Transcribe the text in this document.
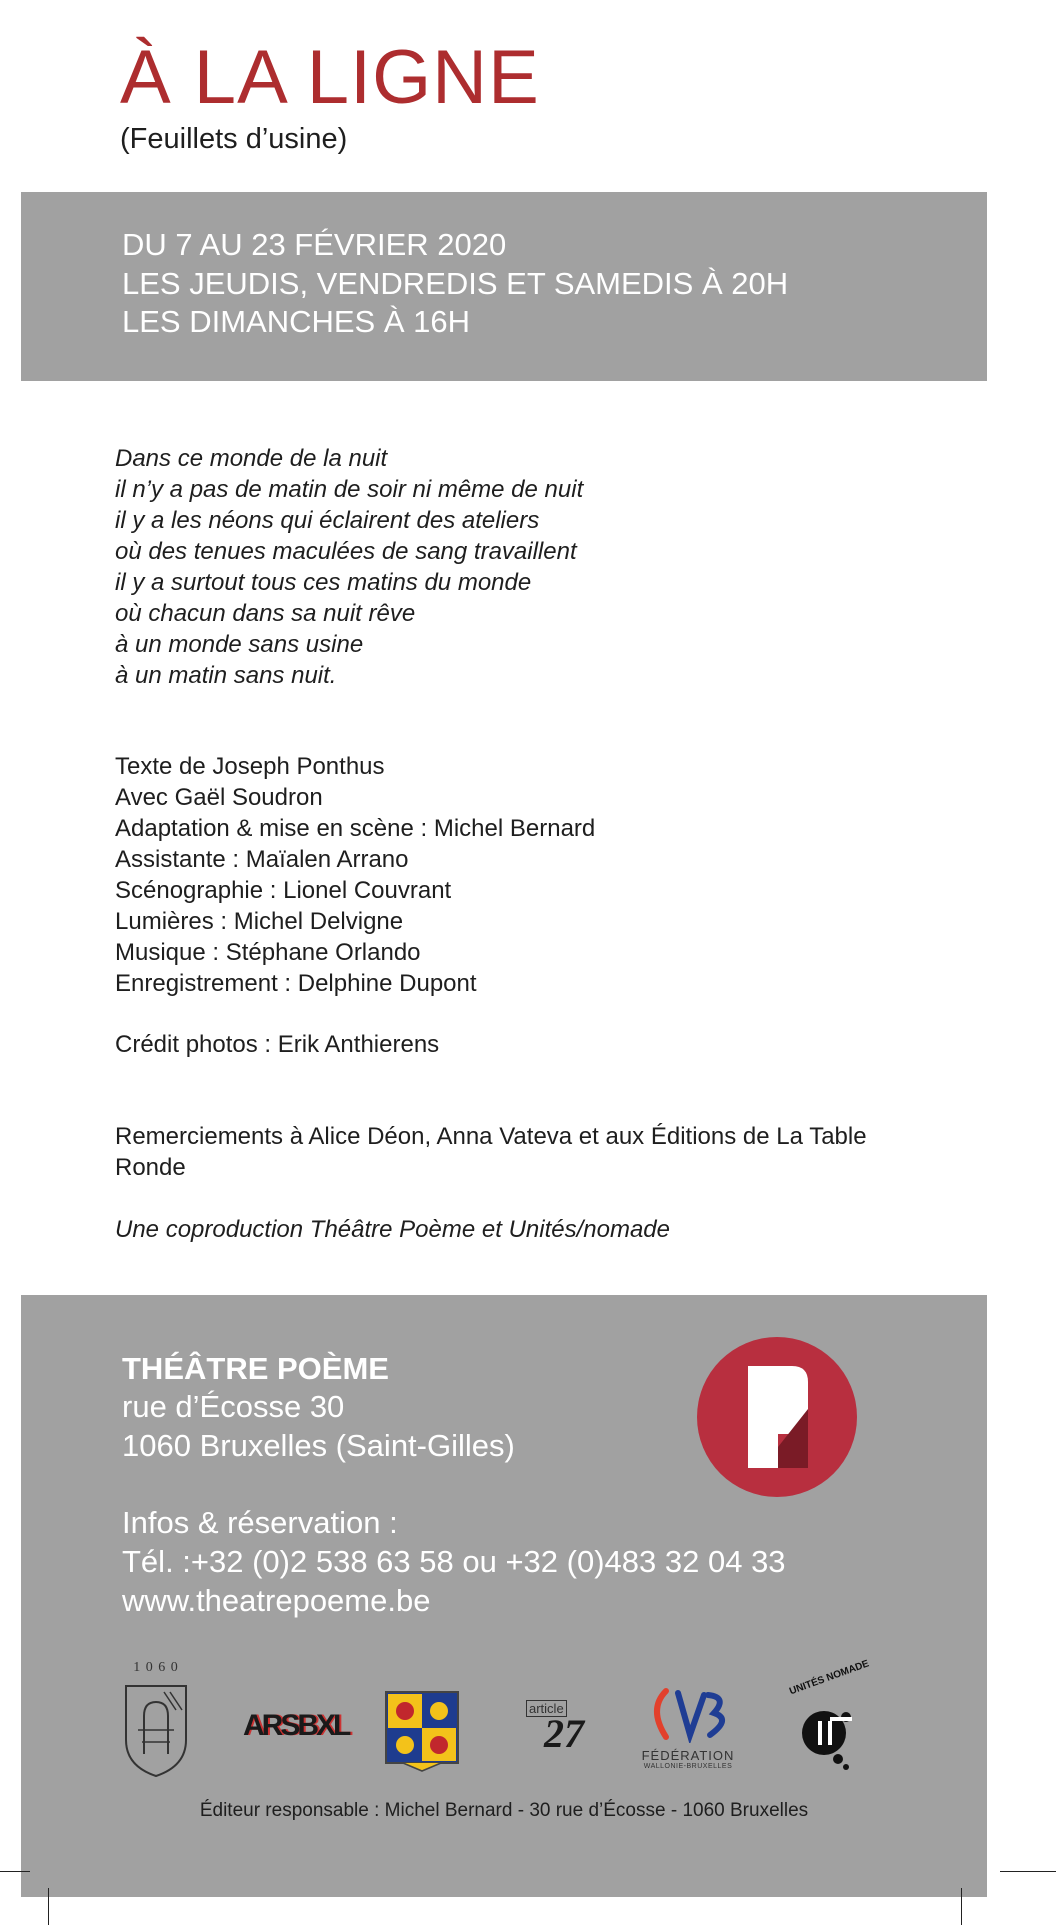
À LA LIGNE
(Feuillets d’usine)
DU 7 AU 23 FÉVRIER 2020
LES JEUDIS, VENDREDIS ET SAMEDIS À 20H
LES DIMANCHES À 16H
Dans ce monde de la nuit
il n’y a pas de matin de soir ni même de nuit
il y a les néons qui éclairent des ateliers
où des tenues maculées de sang travaillent
il y a surtout tous ces matins du monde
où chacun dans sa nuit rêve
à un monde sans usine
à un matin sans nuit.
Texte de Joseph Ponthus
Avec Gaël Soudron
Adaptation & mise en scène : Michel Bernard
Assistante : Maïalen Arrano
Scénographie : Lionel Couvrant
Lumières : Michel Delvigne
Musique : Stéphane Orlando
Enregistrement : Delphine Dupont
Crédit photos : Erik Anthierens
Remerciements à Alice Déon, Anna Vateva et aux Éditions de La Table Ronde
Une coproduction Théâtre Poème et Unités/nomade
THÉÂTRE POÈME
rue d’Écosse 30
1060 Bruxelles (Saint-Gilles)
Infos & réservation :
Tél. :+32 (0)2 538 63 58 ou +32 (0)483 32 04 33
www.theatrepoeme.be
1 0 6 0
ARSBXL
article
27	FÉDÉRATION
WALLONIE-BRUXELLES
UNITÉS NOMADE
Éditeur responsable : Michel Bernard - 30 rue d’Écosse - 1060 Bruxelles
